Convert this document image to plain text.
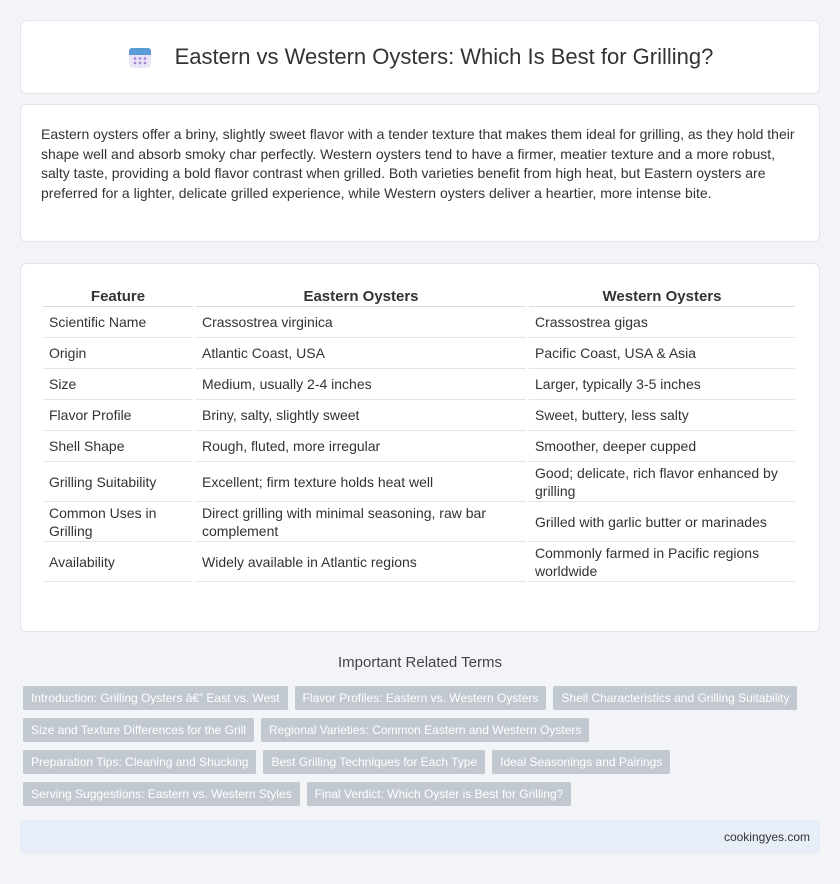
Eastern vs Western Oysters: Which Is Best for Grilling?

Eastern oysters offer a briny, slightly sweet flavor with a tender texture that makes them ideal for grilling, as they hold their shape well and absorb smoky char perfectly. Western oysters tend to have a firmer, meatier texture and a more robust, salty taste, providing a bold flavor contrast when grilled. Both varieties benefit from high heat, but Eastern oysters are preferred for a lighter, delicate grilled experience, while Western oysters deliver a heartier, more intense bite.

Feature	Eastern Oysters	Western Oysters
Scientific Name	Crassostrea virginica	Crassostrea gigas
Origin	Atlantic Coast, USA	Pacific Coast, USA & Asia
Size	Medium, usually 2-4 inches	Larger, typically 3-5 inches
Flavor Profile	Briny, salty, slightly sweet	Sweet, buttery, less salty
Shell Shape	Rough, fluted, more irregular	Smoother, deeper cupped
Grilling Suitability	Excellent; firm texture holds heat well	Good; delicate, rich flavor enhanced by grilling
Common Uses in Grilling	Direct grilling with minimal seasoning, raw bar complement	Grilled with garlic butter or marinades
Availability	Widely available in Atlantic regions	Commonly farmed in Pacific regions worldwide
Important Related Terms
Introduction: Grilling Oysters â€” East vs. West	Flavor Profiles: Eastern vs. Western Oysters	Shell Characteristics and Grilling Suitability
Size and Texture Differences for the Grill	Regional Varieties: Common Eastern and Western Oysters
Preparation Tips: Cleaning and Shucking	Best Grilling Techniques for Each Type	Ideal Seasonings and Pairings
Serving Suggestions: Eastern vs. Western Styles	Final Verdict: Which Oyster is Best for Grilling?
cookingyes.com
